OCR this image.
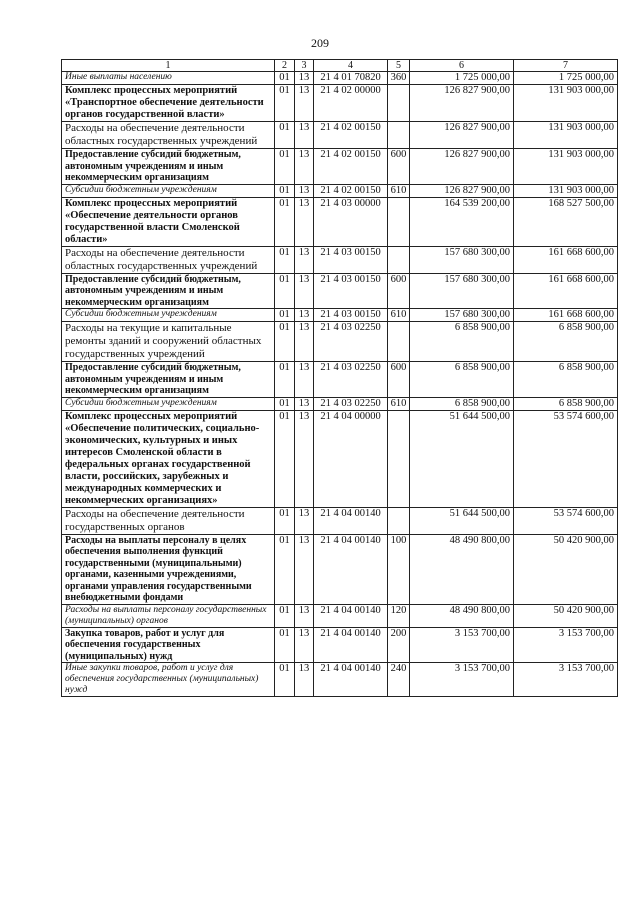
209
1	2	3	4	5	6	7
Иные выплаты населению	01	13	21 4 01 70820	360	1 725 000,00	1 725 000,00
Комплекс процессных мероприятий «Транспортное обеспечение деятельности органов государственной власти»	01	13	21 4 02 00000		126 827 900,00	131 903 000,00
Расходы на обеспечение деятельности областных государственных учреждений	01	13	21 4 02 00150		126 827 900,00	131 903 000,00
Предоставление субсидий бюджетным, автономным учреждениям и иным некоммерческим организациям	01	13	21 4 02 00150	600	126 827 900,00	131 903 000,00
Субсидии бюджетным учреждениям	01	13	21 4 02 00150	610	126 827 900,00	131 903 000,00
Комплекс процессных мероприятий «Обеспечение деятельности органов государственной власти Смоленской области»	01	13	21 4 03 00000		164 539 200,00	168 527 500,00
Расходы на обеспечение деятельности областных государственных учреждений	01	13	21 4 03 00150		157 680 300,00	161 668 600,00
Предоставление субсидий бюджетным, автономным учреждениям и иным некоммерческим организациям	01	13	21 4 03 00150	600	157 680 300,00	161 668 600,00
Субсидии бюджетным учреждениям	01	13	21 4 03 00150	610	157 680 300,00	161 668 600,00
Расходы на текущие и капитальные ремонты зданий и сооружений областных государственных учреждений	01	13	21 4 03 02250		6 858 900,00	6 858 900,00
Предоставление субсидий бюджетным, автономным учреждениям и иным некоммерческим организациям	01	13	21 4 03 02250	600	6 858 900,00	6 858 900,00
Субсидии бюджетным учреждениям	01	13	21 4 03 02250	610	6 858 900,00	6 858 900,00
Комплекс процессных мероприятий «Обеспечение политических, социально-экономических, культурных и иных интересов Смоленской области в федеральных органах государственной власти, российских, зарубежных и международных коммерческих и некоммерческих организациях»	01	13	21 4 04 00000		51 644 500,00	53 574 600,00
Расходы на обеспечение деятельности государственных органов	01	13	21 4 04 00140		51 644 500,00	53 574 600,00
Расходы на выплаты персоналу в целях обеспечения выполнения функций государственными (муниципальными) органами, казенными учреждениями, органами управления государственными внебюджетными фондами	01	13	21 4 04 00140	100	48 490 800,00	50 420 900,00
Расходы на выплаты персоналу государственных (муниципальных) органов	01	13	21 4 04 00140	120	48 490 800,00	50 420 900,00
Закупка товаров, работ и услуг для обеспечения государственных (муниципальных) нужд	01	13	21 4 04 00140	200	3 153 700,00	3 153 700,00
Иные закупки товаров, работ и услуг для обеспечения государственных (муниципальных) нужд	01	13	21 4 04 00140	240	3 153 700,00	3 153 700,00
